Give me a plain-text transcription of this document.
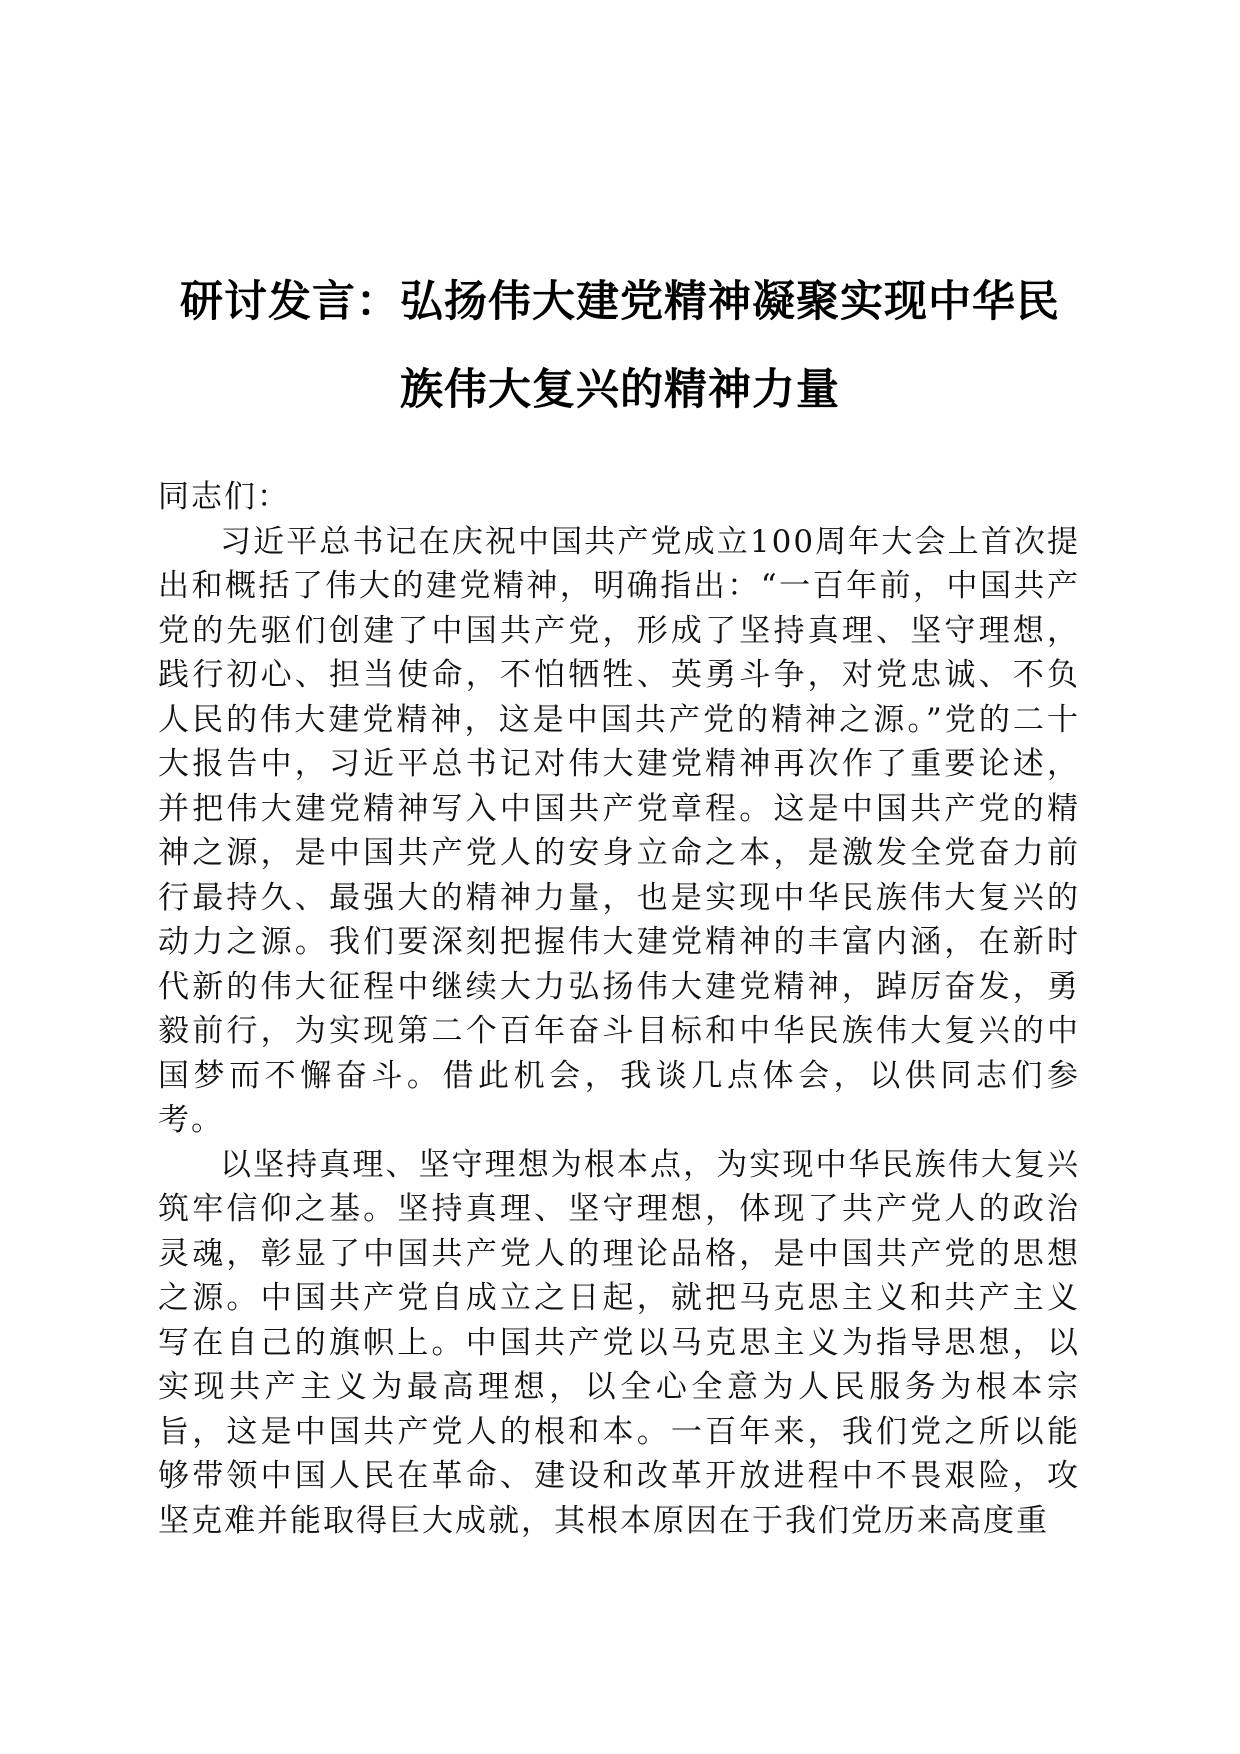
研讨发言：弘扬伟大建党精神凝聚实现中华民
族伟大复兴的精神力量

同志们：

习近平总书记在庆祝中国共产党成立100周年大会上首次提出和概括了伟大的建党精神，明确指出：“一百年前，中国共产党的先驱们创建了中国共产党，形成了坚持真理、坚守理想，践行初心、担当使命，不怕牺牲、英勇斗争，对党忠诚、不负人民的伟大建党精神，这是中国共产党的精神之源。”党的二十大报告中，习近平总书记对伟大建党精神再次作了重要论述，并把伟大建党精神写入中国共产党章程。这是中国共产党的精神之源，是中国共产党人的安身立命之本，是激发全党奋力前行最持久、最强大的精神力量，也是实现中华民族伟大复兴的动力之源。我们要深刻把握伟大建党精神的丰富内涵，在新时代新的伟大征程中继续大力弘扬伟大建党精神，踔厉奋发，勇毅前行，为实现第二个百年奋斗目标和中华民族伟大复兴的中国梦而不懈奋斗。借此机会，我谈几点体会，以供同志们参考。

以坚持真理、坚守理想为根本点，为实现中华民族伟大复兴筑牢信仰之基。坚持真理、坚守理想，体现了共产党人的政治灵魂，彰显了中国共产党人的理论品格，是中国共产党的思想之源。中国共产党自成立之日起，就把马克思主义和共产主义写在自己的旗帜上。中国共产党以马克思主义为指导思想，以实现共产主义为最高理想，以全心全意为人民服务为根本宗旨，这是中国共产党人的根和本。一百年来，我们党之所以能够带领中国人民在革命、建设和改革开放进程中不畏艰险，攻坚克难并能取得巨大成就，其根本原因在于我们党历来高度重
